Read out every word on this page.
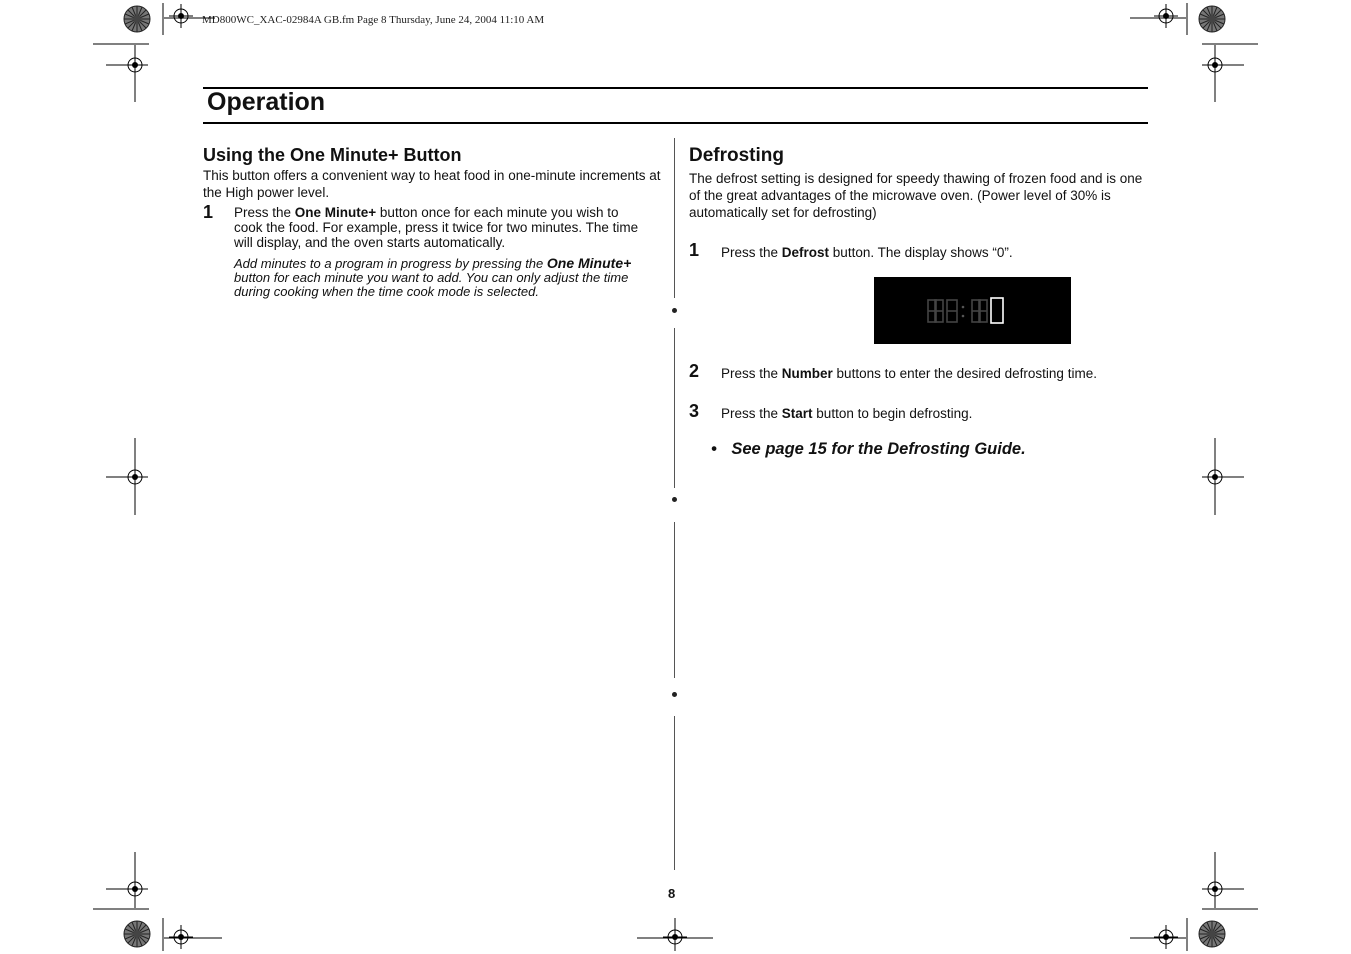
MD800WC_XAC-02984A GB.fm Page 8 Thursday, June 24, 2004 11:10 AM
Operation
Using the One Minute+ Button
This button offers a convenient way to heat food in one-minute increments at
the High power level.
1 Press the One Minute+ button once for each minute you wish to
cook the food. For example, press it twice for two minutes. The time
will display, and the oven starts automatically.
Add minutes to a program in progress by pressing the One Minute+
button for each minute you want to add. You can only adjust the time
during cooking when the time cook mode is selected.
Defrosting
The defrost setting is designed for speedy thawing of frozen food and is one
of the great advantages of the microwave oven. (Power level of 30% is
automatically set for defrosting)
1 Press the Defrost button. The display shows “0”.
2 Press the Number buttons to enter the desired defrosting time.
3 Press the Start button to begin defrosting.
• See page 15 for the Defrosting Guide.
8
